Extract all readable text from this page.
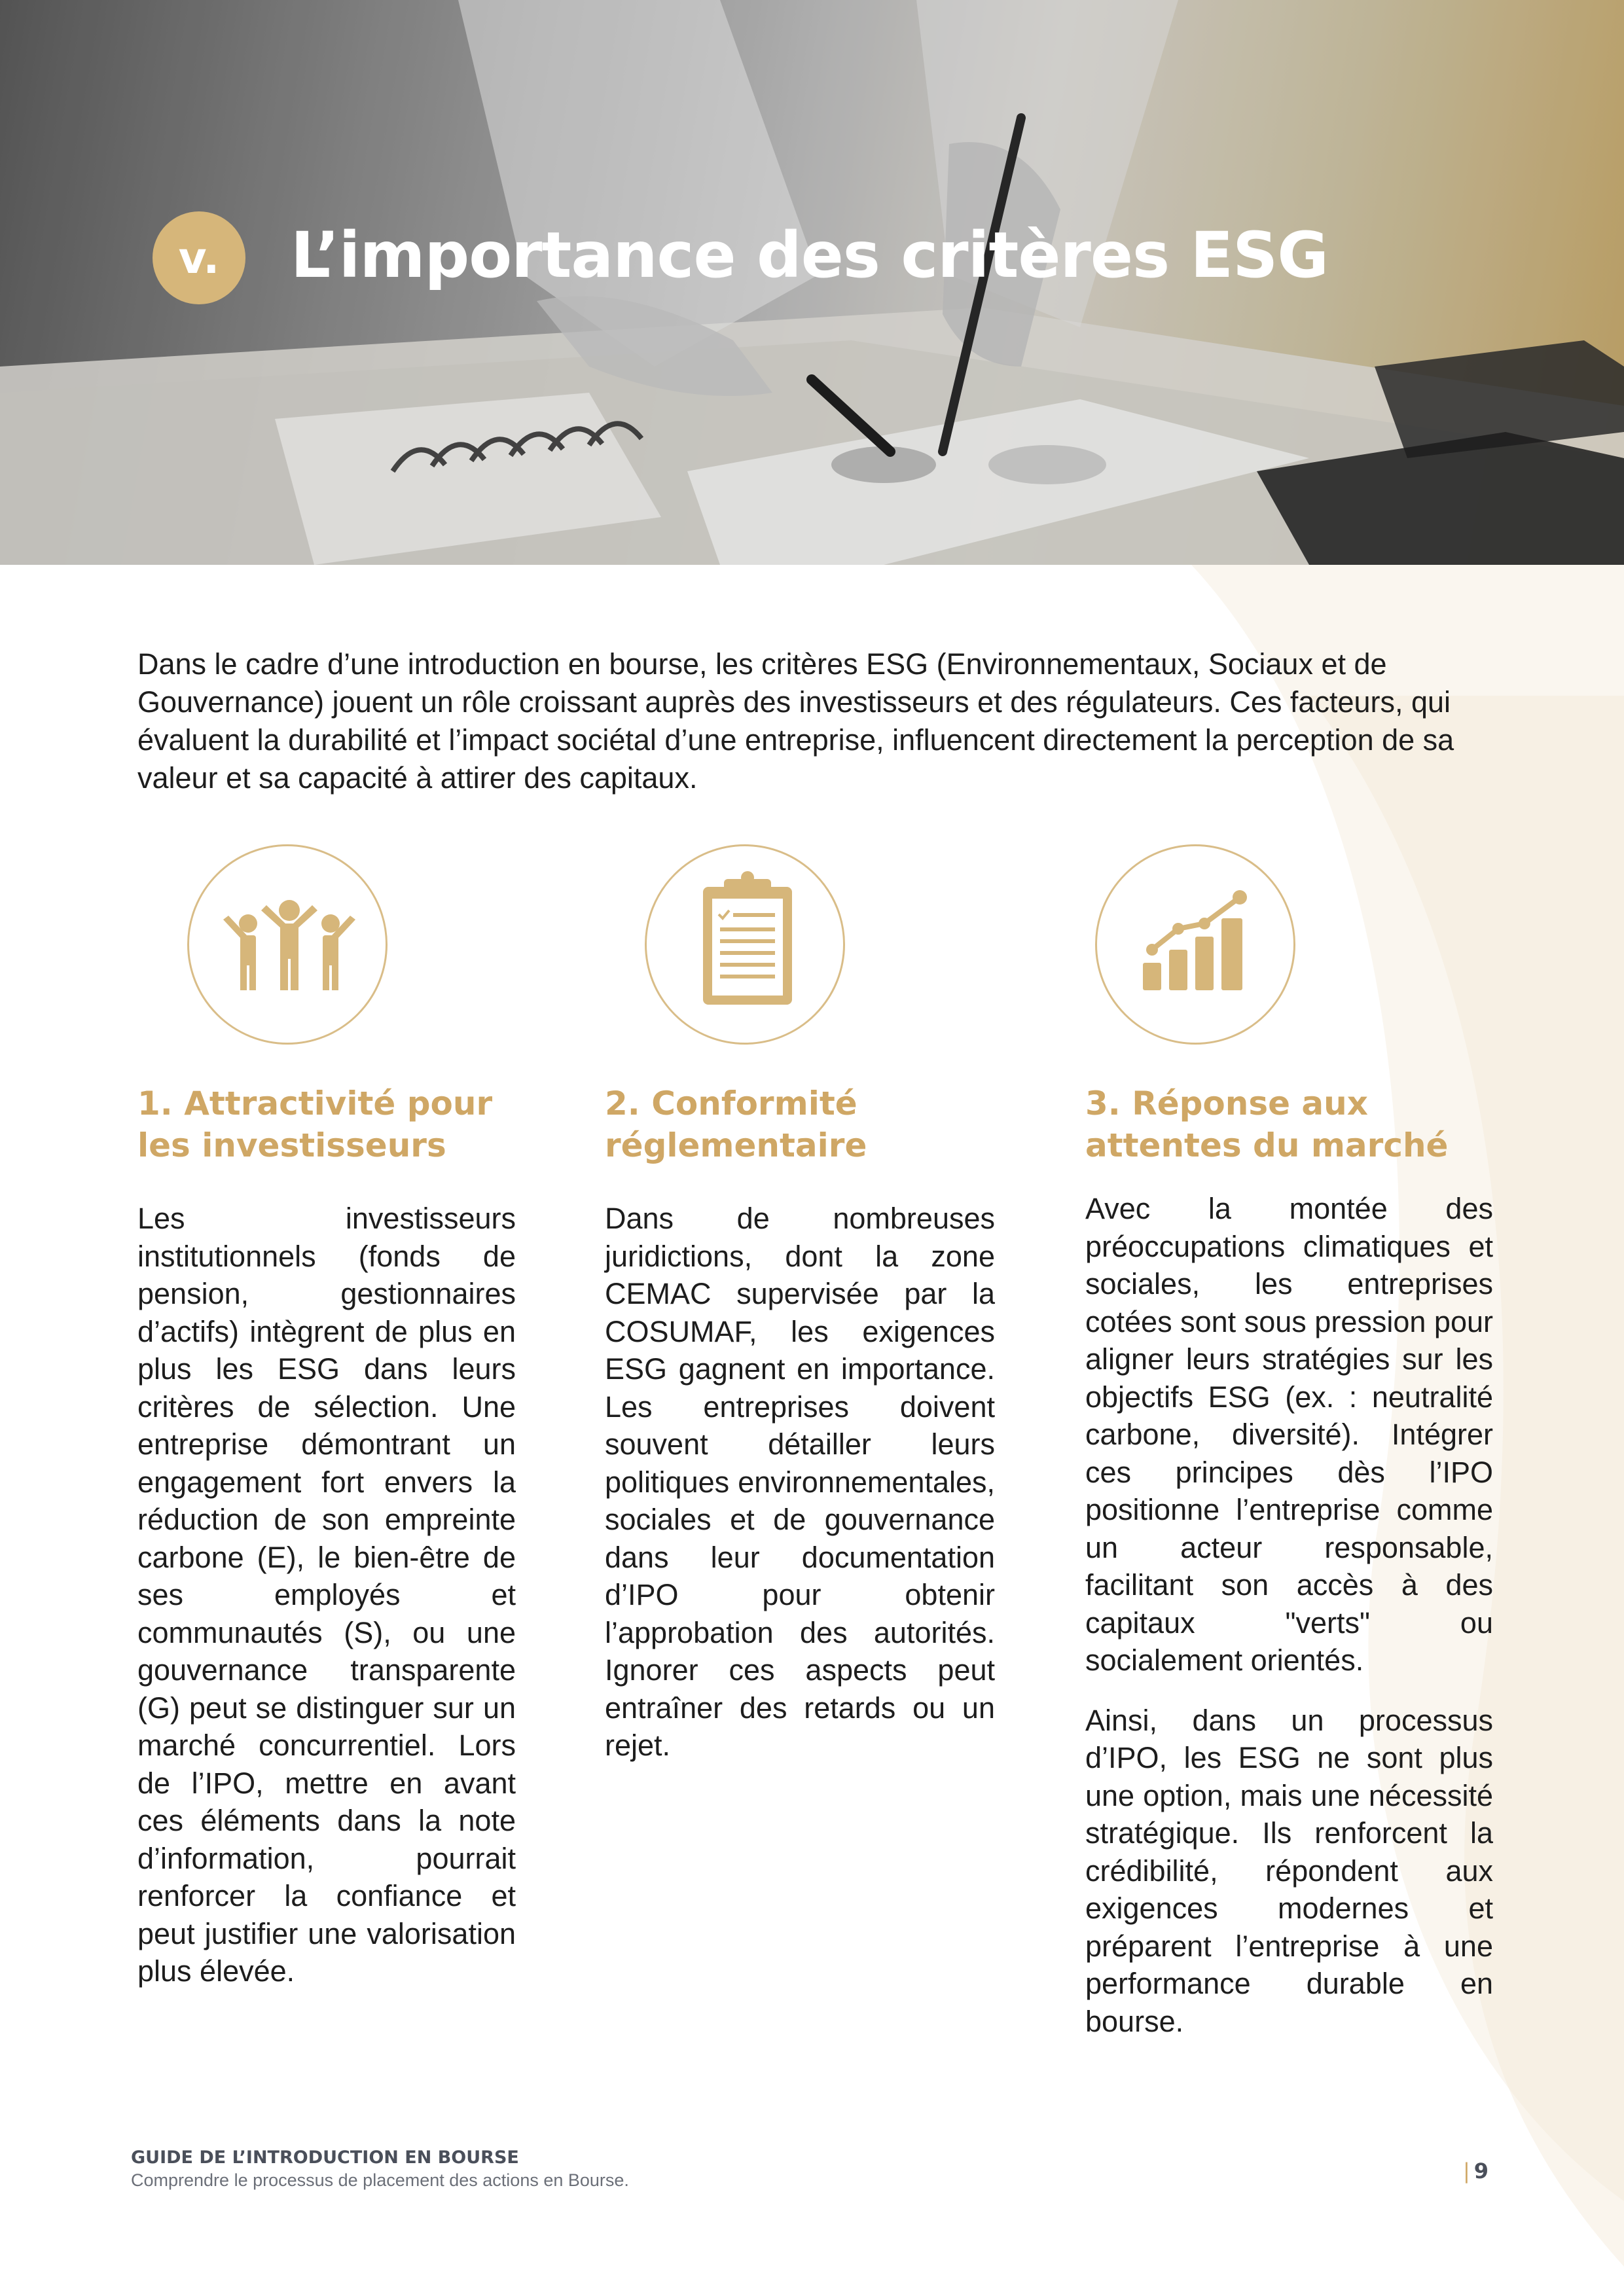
v.	L’importance des critères ESG

Dans le cadre d’une introduction en bourse, les critères ESG (Environnementaux, Sociaux et de Gouvernance) jouent un rôle croissant auprès des investisseurs et des régulateurs. Ces facteurs, qui évaluent la durabilité et l’impact sociétal d’une entreprise, influencent directement la perception de sa valeur et sa capacité à attirer des capitaux.

1. Attractivité pour
les investisseurs

Les investisseurs institutionnels (fonds de pension, gestionnaires d’actifs) intègrent de plus en plus les ESG dans leurs critères de sélection. Une entreprise démontrant un engagement fort envers la réduction de son empreinte carbone (E), le bien-être de ses employés et communautés (S), ou une gouvernance transparente (G) peut se distinguer sur un marché concurrentiel. Lors de l’IPO, mettre en avant ces éléments dans la note d’information, pourrait renforcer la confiance et peut justifier une valorisation plus élevée.

2. Conformité
réglementaire

Dans de nombreuses juridictions, dont la zone CEMAC supervisée par la COSUMAF, les exigences ESG gagnent en importance. Les entreprises doivent souvent détailler leurs politiques environnementales, sociales et de gouvernance dans leur documentation d’IPO pour obtenir l’approbation des autorités. Ignorer ces aspects peut entraîner des retards ou un rejet.

3. Réponse aux
attentes du marché

Avec la montée des préoccupations climatiques et sociales, les entreprises cotées sont sous pression pour aligner leurs stratégies sur les objectifs ESG (ex. : neutralité carbone, diversité). Intégrer ces principes dès l’IPO positionne l’entreprise comme un acteur responsable, facilitant son accès à des capitaux "verts" ou socialement orientés.

Ainsi, dans un processus d’IPO, les ESG ne sont plus une option, mais une nécessité stratégique. Ils renforcent la crédibilité, répondent aux exigences modernes et préparent l’entreprise à une performance durable en bourse.

GUIDE DE L’INTRODUCTION EN BOURSE
Comprendre le processus de placement des actions en Bourse.	| 9
